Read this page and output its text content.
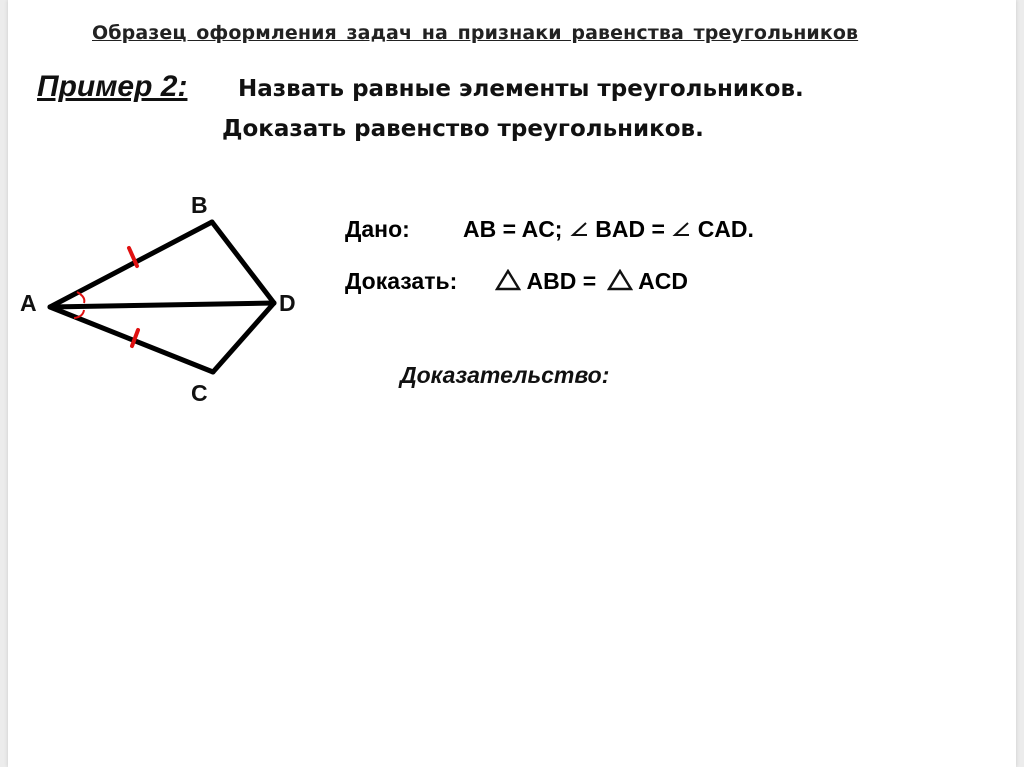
Образец оформления задач на признаки равенства треугольников
Пример 2: Назвать равные элементы треугольников.
Доказать равенство треугольников.
B
A	D
C
Дано: AB = AC; BAD = CAD.
Доказать:	ABD = ACD
Доказательство:
